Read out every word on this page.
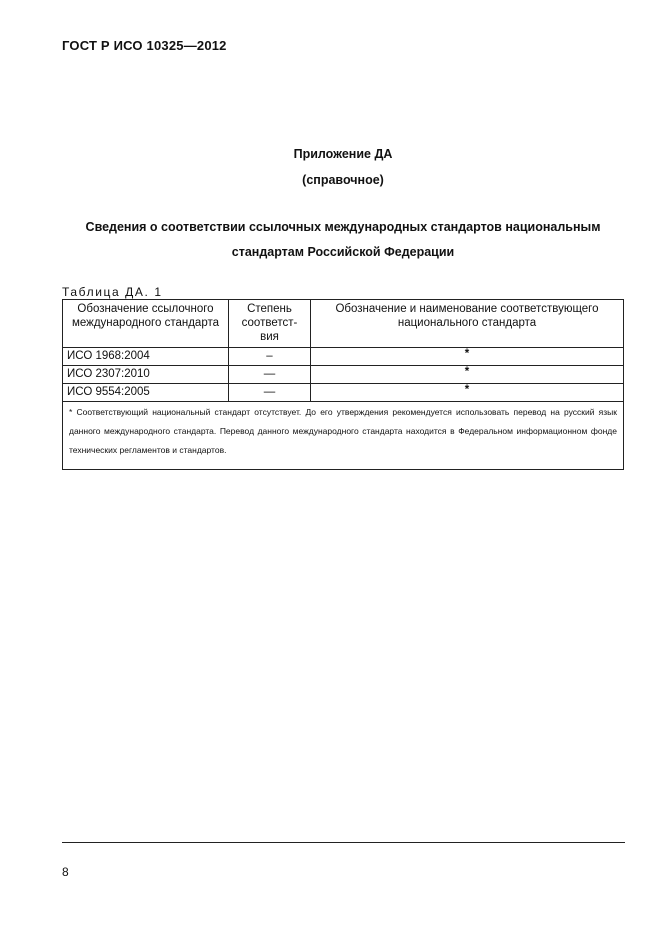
ГОСТ Р ИСО 10325—2012
Приложение ДА
(справочное)
Сведения о соответствии ссылочных международных стандартов национальным стандартам Российской Федерации
Таблица ДА. 1
Обозначение ссылочного международного стандарта	Степень соответст-вия	Обозначение и наименование соответствующего национального стандарта
ИСО 1968:2004	–	*
ИСО 2307:2010	—	*
ИСО 9554:2005	—	*
* Соответствующий национальный стандарт отсутствует. До его утверждения рекомендуется использовать перевод на русский язык данного международного стандарта. Перевод данного международного стандарта находится в Федеральном информационном фонде технических регламентов и стандартов.		
8
